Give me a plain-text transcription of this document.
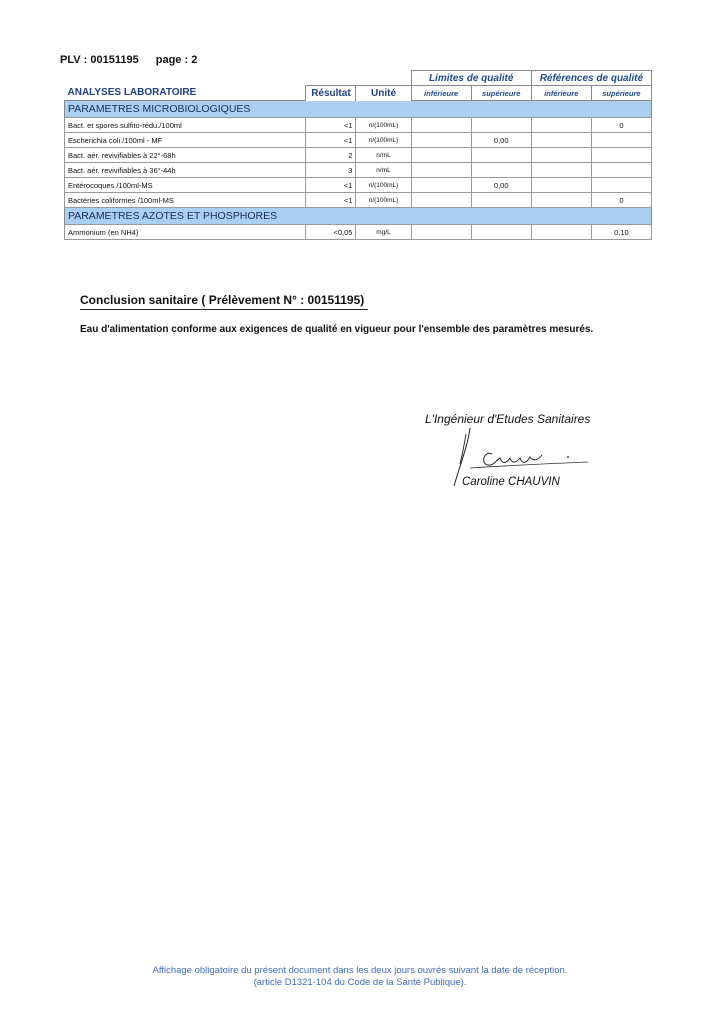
PLV : 00151195 page : 2
			Limites de qualité		Références de qualité	
ANALYSES LABORATOIRE	Résultat	Unité	inférieure	supérieure	inférieure	supérieure
PARAMETRES MICROBIOLOGIQUES						
Bact. et spores sulfito-rédu./100ml	<1	n/(100mL)				0
Escherichia coli /100ml - MF	<1	n/(100mL)		0,00		
Bact. aér. revivifiables à 22°-68h	2	n/mL				
Bact. aér. revivifiables à 36°-44h	3	n/mL				
Entérocoques /100ml-MS	<1	n/(100mL)		0,00		
Bactéries coliformes /100ml-MS	<1	n/(100mL)				0
PARAMETRES AZOTES ET PHOSPHORES						
Ammonium (en NH4)	<0,05	mg/L				0,10
Conclusion sanitaire ( Prélèvement N° : 00151195)
Eau d'alimentation conforme aux exigences de qualité en vigueur pour l'ensemble des paramètres mesurés.
L'Ingénieur d'Etudes Sanitaires
Caroline CHAUVIN
Affichage obligatoire du présent document dans les deux jours ouvrés suivant la date de réception.
(article D1321-104 du Code de la Santé Publique).
